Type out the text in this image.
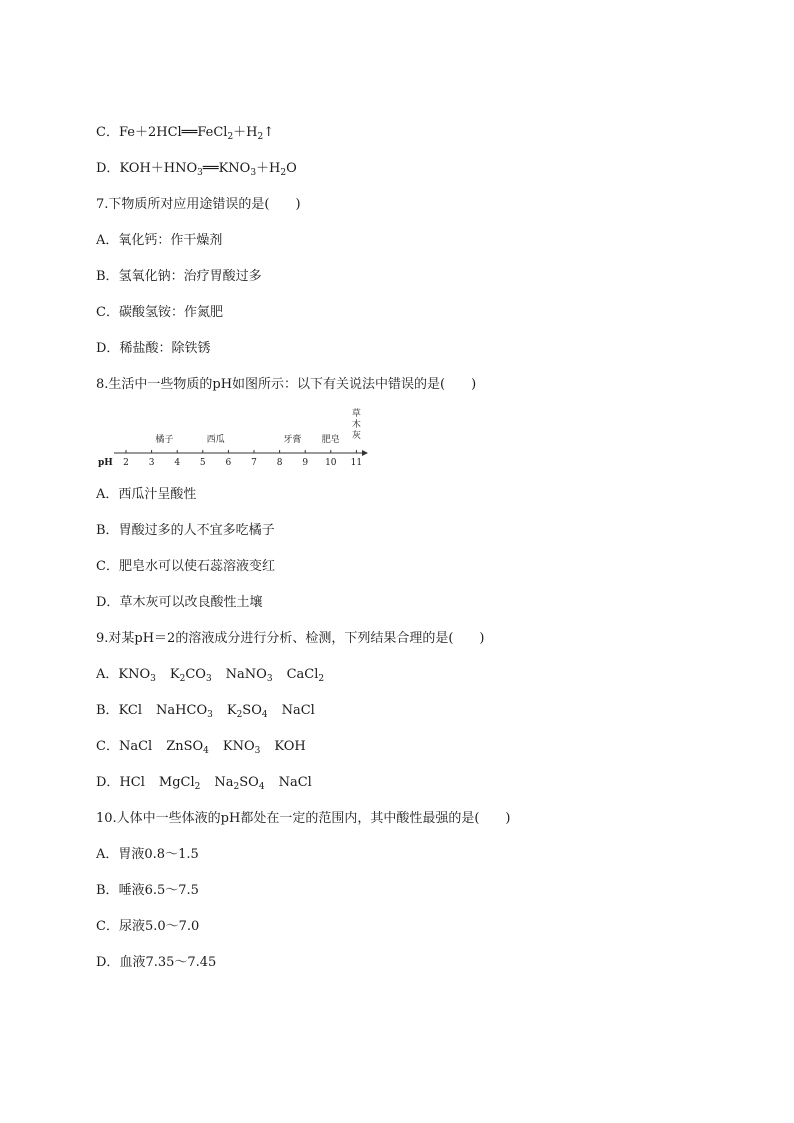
C．$Fe+2HCl══FeCl_2+H_2↑$
D．$KOH+HNO_3══KNO_3+H_2O$
7.下物质所对应用途错误的是(　　)
A．氧化钙：作干燥剂
B．氢氧化钠：治疗胃酸过多
C．碳酸氢铵：作氮肥
D．稀盐酸：除铁锈
8.生活中一些物质的pH如图所示：以下有关说法中错误的是(　　)
pH 2 3 4 5 6 7 8 9 10 11
橘子	西瓜	牙膏 肥皂
草木灰
A．西瓜汁呈酸性
B．胃酸过多的人不宜多吃橘子
C．肥皂水可以使石蕊溶液变红
D．草木灰可以改良酸性土壤
9.对某pH＝2的溶液成分进行分析、检测，下列结果合理的是(　　)
A．$KNO_3$ $K_2CO_3$ NaNO$_3$ CaCl$_2$
B．KCl NaHCO$_3$ $K_2SO_4$ NaCl
C．NaCl ZnSO$_4$ $KNO_3$ KOH
D．HCl MgCl$_2$ $Na_2SO_4$ NaCl
10.人体中一些体液的pH都处在一定的范围内，其中酸性最强的是(　　)
A．胃液0.8～1.5
B．唾液6.5～7.5
C．尿液5.0～7.0
D．血液7.35～7.45
